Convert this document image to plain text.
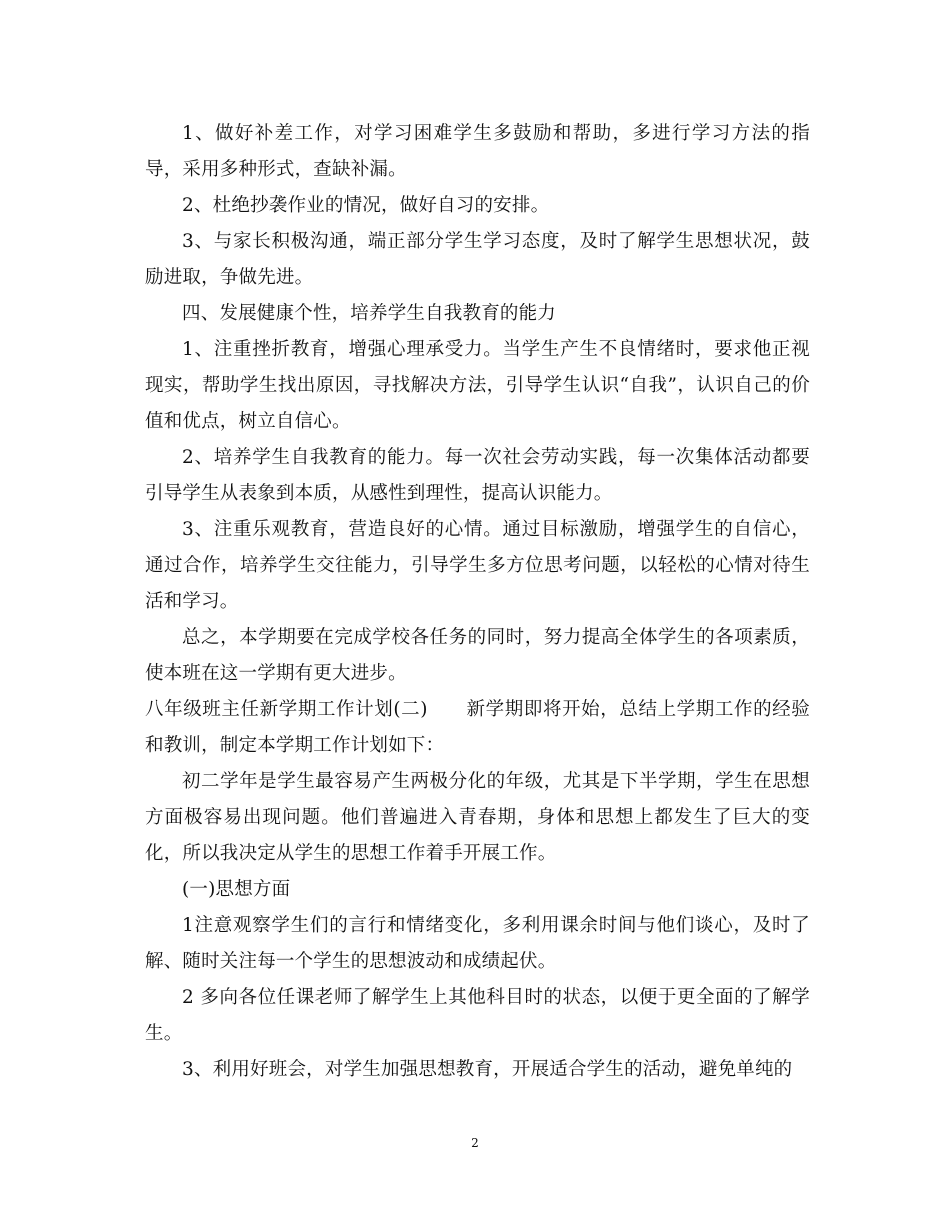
1、做好补差工作，对学习困难学生多鼓励和帮助，多进行学习方法的指导，采用多种形式，查缺补漏。

2、杜绝抄袭作业的情况，做好自习的安排。

3、与家长积极沟通，端正部分学生学习态度，及时了解学生思想状况，鼓励进取，争做先进。

四、发展健康个性，培养学生自我教育的能力

1、注重挫折教育，增强心理承受力。当学生产生不良情绪时，要求他正视现实，帮助学生找出原因，寻找解决方法，引导学生认识“自我”，认识自己的价值和优点，树立自信心。

2、培养学生自我教育的能力。每一次社会劳动实践，每一次集体活动都要引导学生从表象到本质，从感性到理性，提高认识能力。

3、注重乐观教育，营造良好的心情。通过目标激励，增强学生的自信心，通过合作，培养学生交往能力，引导学生多方位思考问题，以轻松的心情对待生活和学习。

总之，本学期要在完成学校各任务的同时，努力提高全体学生的各项素质，使本班在这一学期有更大进步。

八年级班主任新学期工作计划(二)      新学期即将开始，总结上学期工作的经验和教训，制定本学期工作计划如下：

初二学年是学生最容易产生两极分化的年级，尤其是下半学期，学生在思想方面极容易出现问题。他们普遍进入青春期，身体和思想上都发生了巨大的变化，所以我决定从学生的思想工作着手开展工作。

(一)思想方面

1注意观察学生们的言行和情绪变化，多利用课余时间与他们谈心，及时了解、随时关注每一个学生的思想波动和成绩起伏。

2 多向各位任课老师了解学生上其他科目时的状态，以便于更全面的了解学生。

3、利用好班会，对学生加强思想教育，开展适合学生的活动，避免单纯的

2
